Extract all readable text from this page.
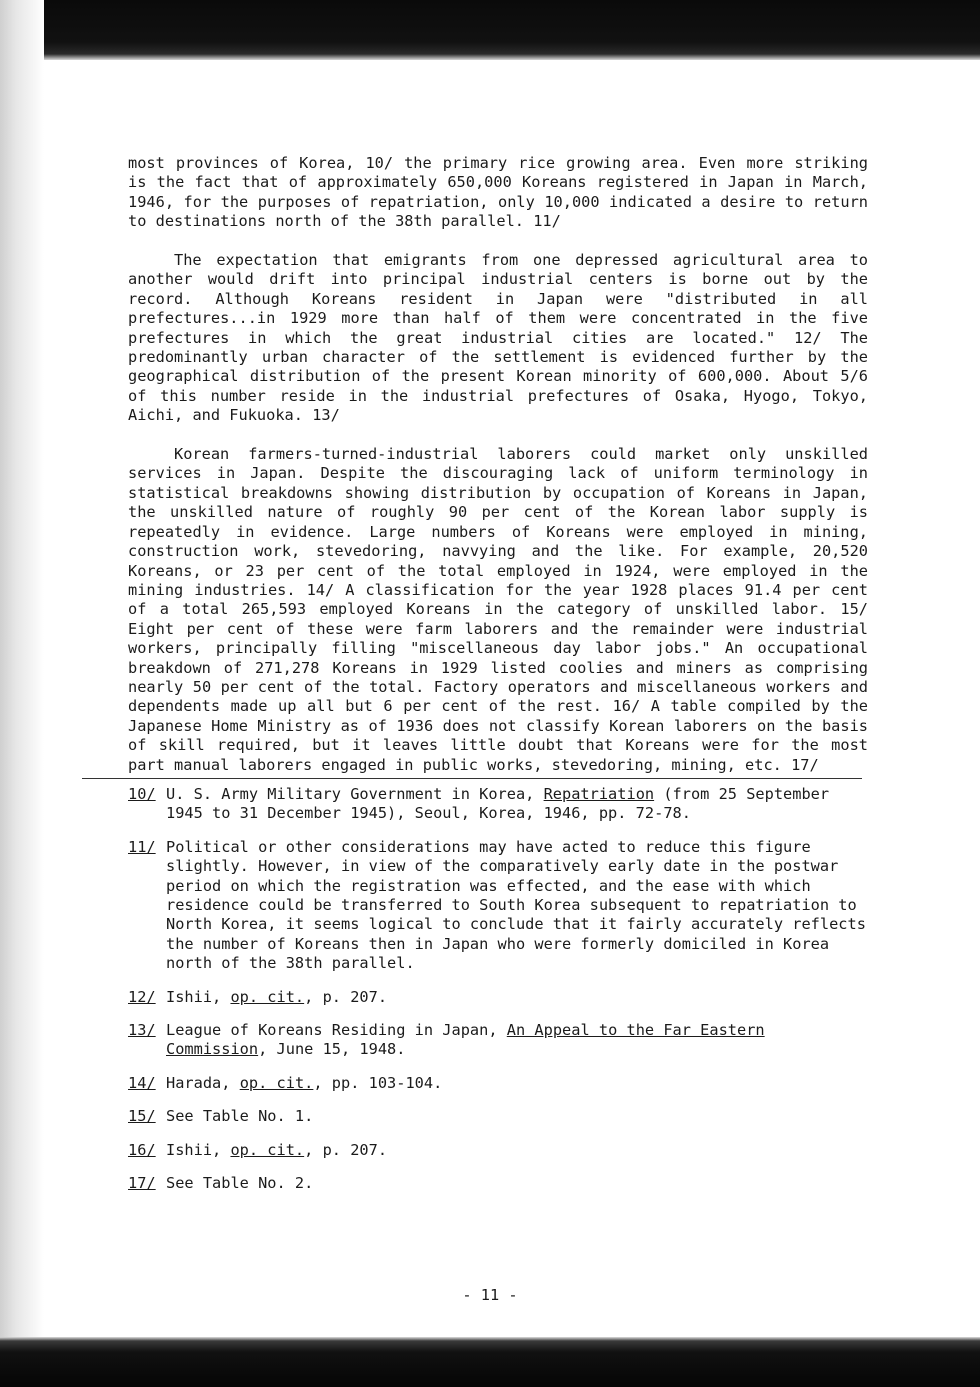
most provinces of Korea, 10/ the primary rice growing area. Even more striking is the fact that of approximately 650,000 Koreans registered in Japan in March, 1946, for the purposes of repatriation, only 10,000 indicated a desire to return to destinations north of the 38th parallel. 11/

The expectation that emigrants from one depressed agricultural area to another would drift into principal industrial centers is borne out by the record. Although Koreans resident in Japan were "distributed in all prefectures...in 1929 more than half of them were concentrated in the five prefectures in which the great industrial cities are located." 12/ The predominantly urban character of the settlement is evidenced further by the geographical distribution of the present Korean minority of 600,000. About 5/6 of this number reside in the industrial prefectures of Osaka, Hyogo, Tokyo, Aichi, and Fukuoka. 13/

Korean farmers-turned-industrial laborers could market only unskilled services in Japan. Despite the discouraging lack of uniform terminology in statistical breakdowns showing distribution by occupation of Koreans in Japan, the unskilled nature of roughly 90 per cent of the Korean labor supply is repeatedly in evidence. Large numbers of Koreans were employed in mining, construction work, stevedoring, navvying and the like. For example, 20,520 Koreans, or 23 per cent of the total employed in 1924, were employed in the mining industries. 14/ A classification for the year 1928 places 91.4 per cent of a total 265,593 employed Koreans in the category of unskilled labor. 15/ Eight per cent of these were farm laborers and the remainder were industrial workers, principally filling "miscellaneous day labor jobs." An occupational breakdown of 271,278 Koreans in 1929 listed coolies and miners as comprising nearly 50 per cent of the total. Factory operators and miscellaneous workers and dependents made up all but 6 per cent of the rest. 16/ A table compiled by the Japanese Home Ministry as of 1936 does not classify Korean laborers on the basis of skill required, but it leaves little doubt that Koreans were for the most part manual laborers engaged in public works, stevedoring, mining, etc. 17/

10/ U. S. Army Military Government in Korea, Repatriation (from 25 September 1945 to 31 December 1945), Seoul, Korea, 1946, pp. 72-78.
11/ Political or other considerations may have acted to reduce this figure slightly. However, in view of the comparatively early date in the postwar period on which the registration was effected, and the ease with which residence could be transferred to South Korea subsequent to repatriation to North Korea, it seems logical to conclude that it fairly accurately reflects the number of Koreans then in Japan who were formerly domiciled in Korea north of the 38th parallel.
12/ Ishii, op. cit., p. 207.
13/ League of Koreans Residing in Japan, An Appeal to the Far Eastern Commission, June 15, 1948.
14/ Harada, op. cit., pp. 103-104.
15/ See Table No. 1.
16/ Ishii, op. cit., p. 207.
17/ See Table No. 2.
- 11 -
